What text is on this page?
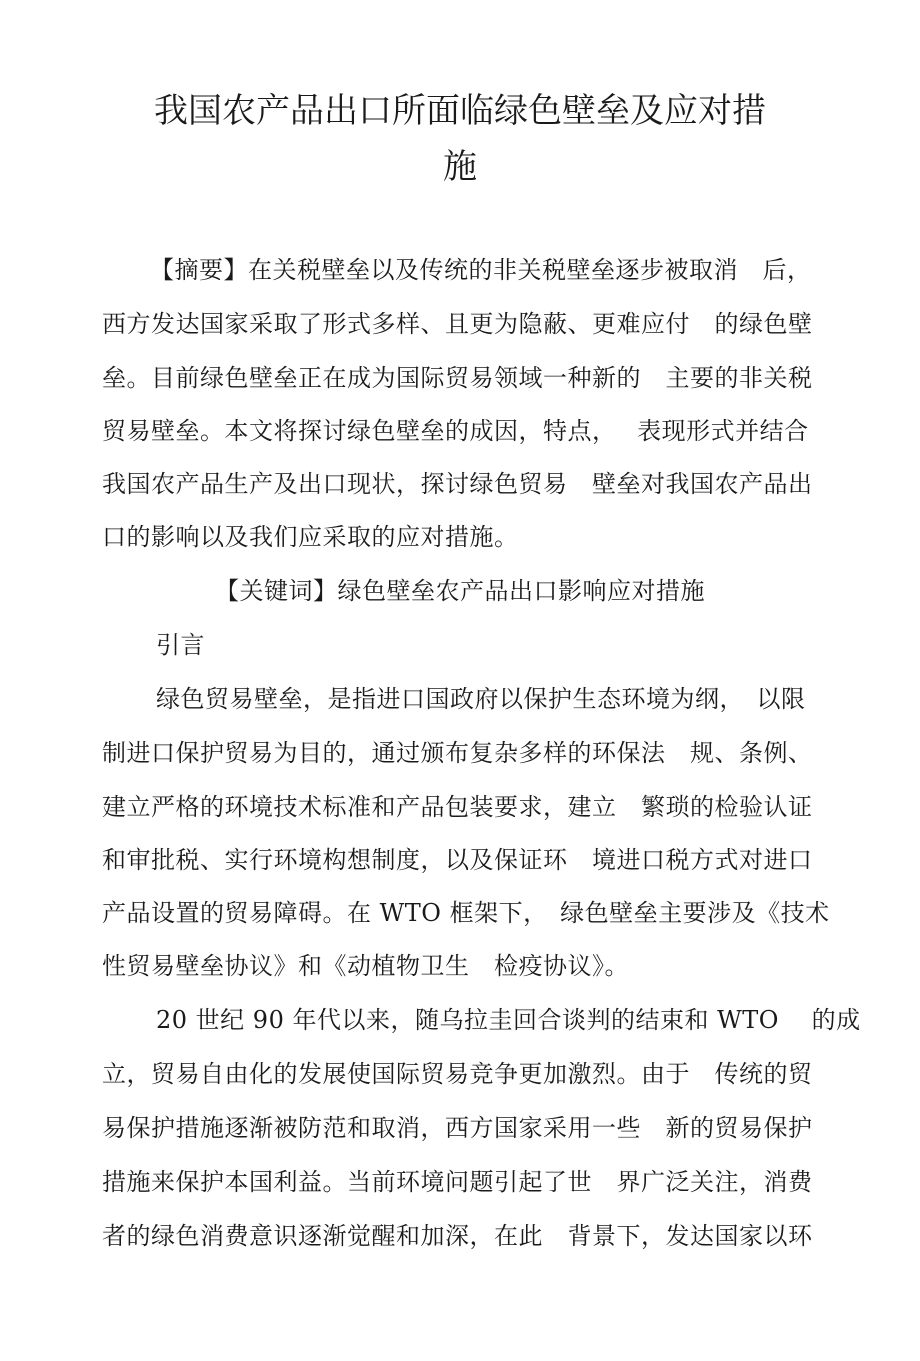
我国农产品出口所面临绿色壁垒及应对措
施
【摘要】在关税壁垒以及传统的非关税壁垒逐步被取消　后，
西方发达国家采取了形式多样、且更为隐蔽、更难应付　的绿色壁
垒。目前绿色壁垒正在成为国际贸易领域一种新的　主要的非关税
贸易壁垒。本文将探讨绿色壁垒的成因，特点，　 表现形式并结合
我国农产品生产及出口现状，探讨绿色贸易　壁垒对我国农产品出
口的影响以及我们应采取的应对措施。
【关键词】绿色壁垒农产品出口影响应对措施
引言
绿色贸易壁垒，是指进口国政府以保护生态环境为纲，　以限
制进口保护贸易为目的，通过颁布复杂多样的环保法　规、条例、
建立严格的环境技术标准和产品包装要求，建立　繁琐的检验认证
和审批税、实行环境构想制度，以及保证环　境进口税方式对进口
产品设置的贸易障碍。在 WTO 框架下，　绿色壁垒主要涉及《技术
性贸易壁垒协议》和《动植物卫生　检疫协议》。
20 世纪 90 年代以来，随乌拉圭回合谈判的结束和 WTO　 的成
立，贸易自由化的发展使国际贸易竞争更加激烈。由于　传统的贸
易保护措施逐渐被防范和取消，西方国家采用一些　新的贸易保护
措施来保护本国利益。当前环境问题引起了世　界广泛关注，消费
者的绿色消费意识逐渐觉醒和加深，在此　背景下，发达国家以环
